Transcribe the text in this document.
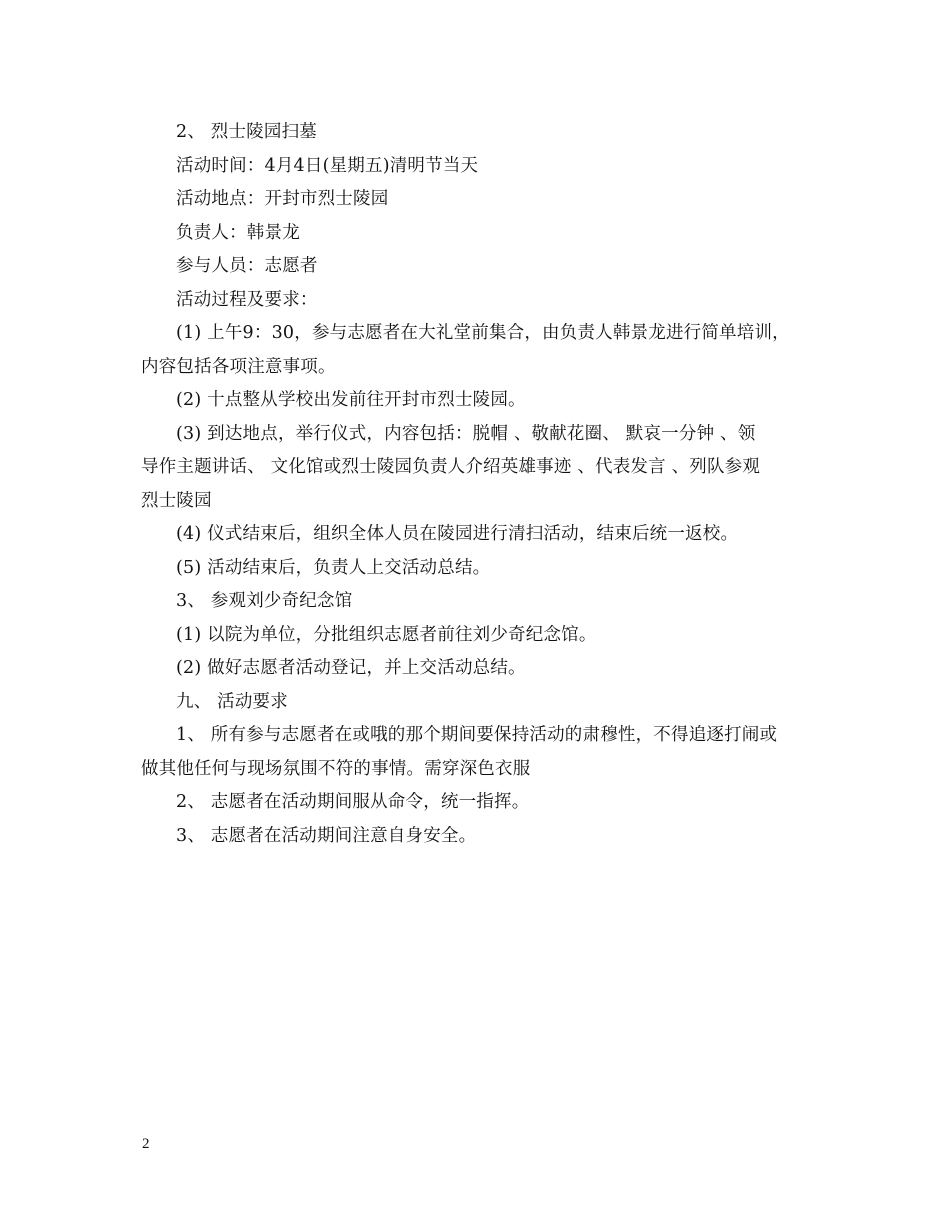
2、 烈士陵园扫墓
活动时间：4月4日(星期五)清明节当天
活动地点：开封市烈士陵园
负责人：韩景龙
参与人员：志愿者
活动过程及要求：
(1) 上午9：30，参与志愿者在大礼堂前集合，由负责人韩景龙进行简单培训，
内容包括各项注意事项。
(2) 十点整从学校出发前往开封市烈士陵园。
(3) 到达地点，举行仪式，内容包括：脱帽 、敬献花圈、 默哀一分钟 、领
导作主题讲话、 文化馆或烈士陵园负责人介绍英雄事迹 、代表发言 、列队参观
烈士陵园
(4) 仪式结束后，组织全体人员在陵园进行清扫活动，结束后统一返校。
(5) 活动结束后，负责人上交活动总结。
3、 参观刘少奇纪念馆
(1) 以院为单位，分批组织志愿者前往刘少奇纪念馆。
(2) 做好志愿者活动登记，并上交活动总结。
九、 活动要求
1、 所有参与志愿者在或哦的那个期间要保持活动的肃穆性，不得追逐打闹或
做其他任何与现场氛围不符的事情。需穿深色衣服
2、 志愿者在活动期间服从命令，统一指挥。
3、 志愿者在活动期间注意自身安全。
2
